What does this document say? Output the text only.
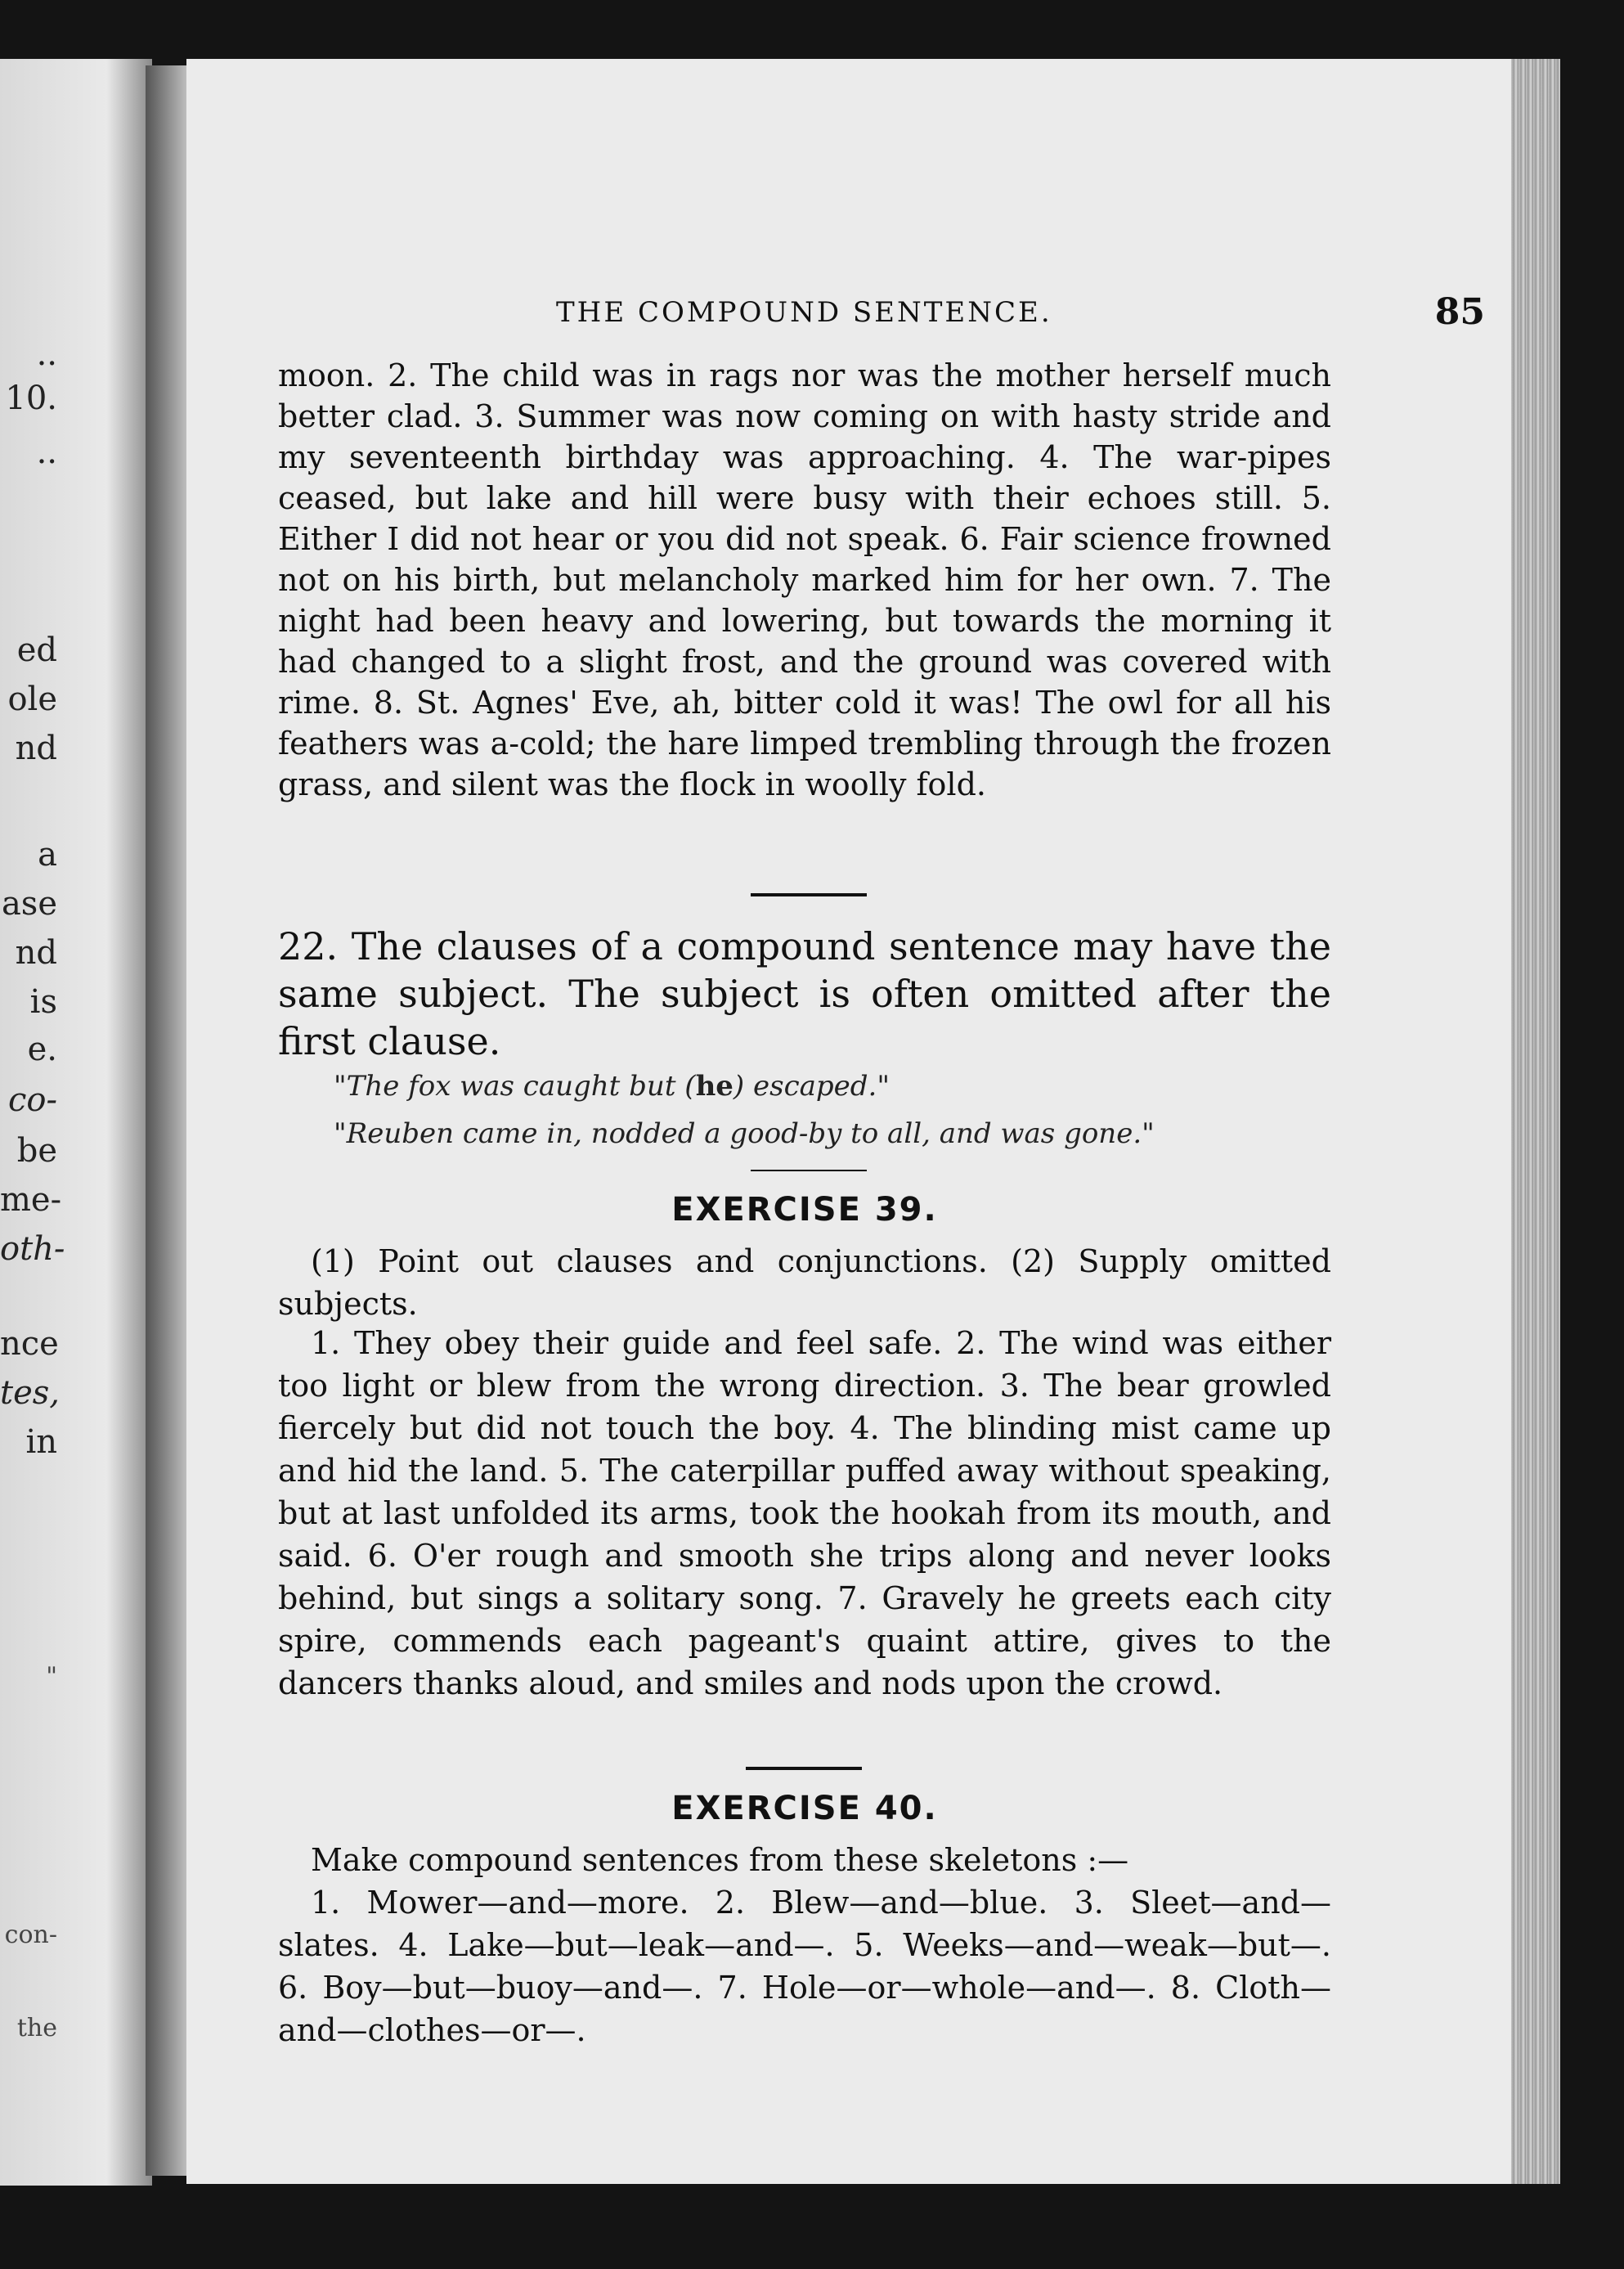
..
10.
..
ed
ole
nd
a
ase
nd
is
e.
co-
be
me-
oth-
nce
tes,
in
"
con-
the
THE COMPOUND SENTENCE.	85
moon. 2. The child was in rags nor was the mother herself much better clad. 3. Summer was now coming on with hasty stride and my seventeenth birthday was approaching. 4. The war-pipes ceased, but lake and hill were busy with their echoes still. 5. Either I did not hear or you did not speak. 6. Fair science frowned not on his birth, but melancholy marked him for her own. 7. The night had been heavy and lowering, but towards the morning it had changed to a slight frost, and the ground was covered with rime. 8. St. Agnes' Eve, ah, bitter cold it was! The owl for all his feathers was a-cold; the hare limped trembling through the frozen grass, and silent was the flock in woolly fold.
22. The clauses of a compound sentence may have the same subject. The subject is often omitted after the first clause.
"The fox was caught but (he) escaped."
"Reuben came in, nodded a good-by to all, and was gone."
EXERCISE 39.
(1) Point out clauses and conjunctions. (2) Supply omitted subjects.
1. They obey their guide and feel safe. 2. The wind was either too light or blew from the wrong direction. 3. The bear growled fiercely but did not touch the boy. 4. The blinding mist came up and hid the land. 5. The caterpillar puffed away without speaking, but at last unfolded its arms, took the hookah from its mouth, and said. 6. O'er rough and smooth she trips along and never looks behind, but sings a solitary song. 7. Gravely he greets each city spire, commends each pageant's quaint attire, gives to the dancers thanks aloud, and smiles and nods upon the crowd.
EXERCISE 40.
Make compound sentences from these skeletons :—
1. Mower—and—more. 2. Blew—and—blue. 3. Sleet—and—slates. 4. Lake—but—leak—and—. 5. Weeks—and—weak—but—. 6. Boy—but—buoy—and—. 7. Hole—or—whole—and—. 8. Cloth—and—clothes—or—.
